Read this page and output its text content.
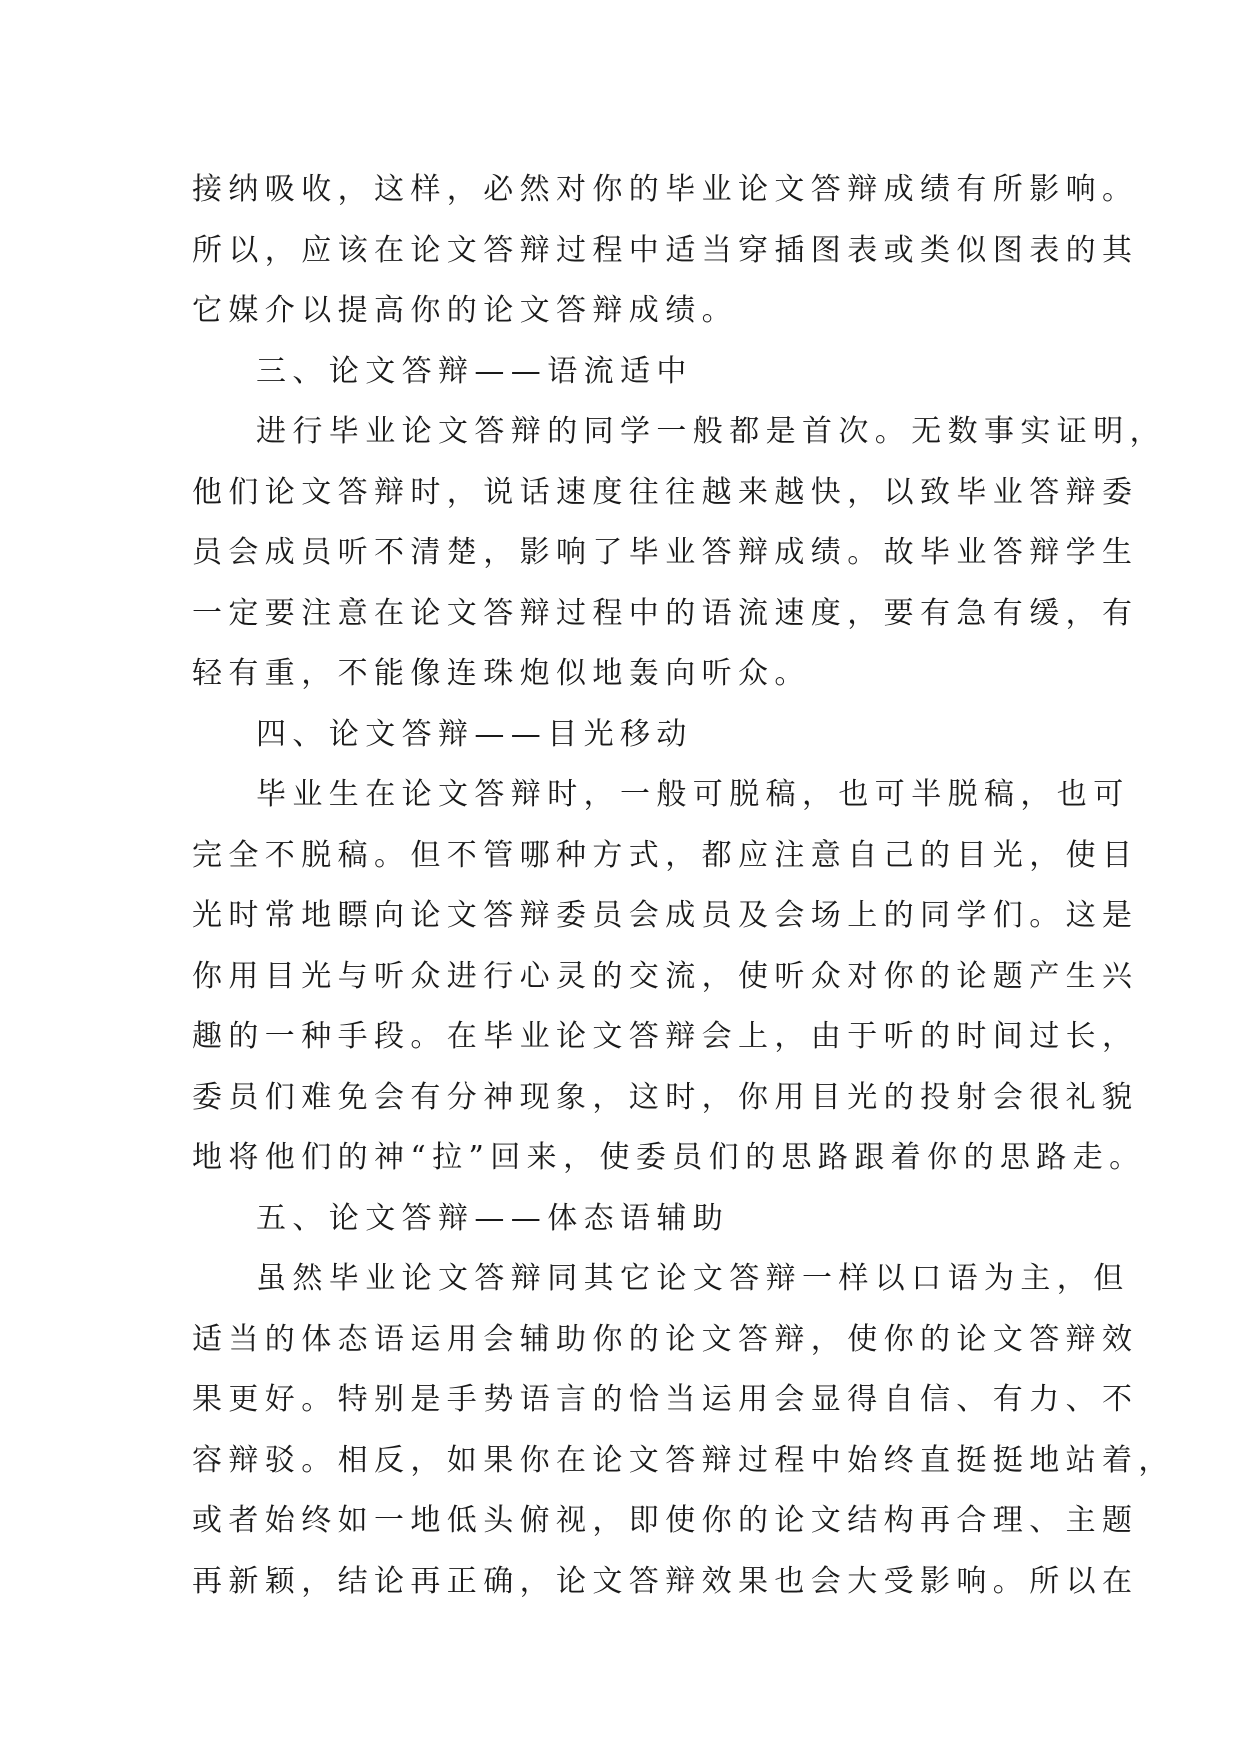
接纳吸收，这样，必然对你的毕业论文答辩成绩有所影响。
所以，应该在论文答辩过程中适当穿插图表或类似图表的其
它媒介以提高你的论文答辩成绩。
三、论文答辩——语流适中
进行毕业论文答辩的同学一般都是首次。无数事实证明，
他们论文答辩时，说话速度往往越来越快，以致毕业答辩委
员会成员听不清楚，影响了毕业答辩成绩。故毕业答辩学生
一定要注意在论文答辩过程中的语流速度，要有急有缓，有
轻有重，不能像连珠炮似地轰向听众。
四、论文答辩——目光移动
毕业生在论文答辩时，一般可脱稿，也可半脱稿，也可
完全不脱稿。但不管哪种方式，都应注意自己的目光，使目
光时常地瞟向论文答辩委员会成员及会场上的同学们。这是
你用目光与听众进行心灵的交流，使听众对你的论题产生兴
趣的一种手段。在毕业论文答辩会上，由于听的时间过长，
委员们难免会有分神现象，这时，你用目光的投射会很礼貌
地将他们的神“拉”回来，使委员们的思路跟着你的思路走。
五、论文答辩——体态语辅助
虽然毕业论文答辩同其它论文答辩一样以口语为主，但
适当的体态语运用会辅助你的论文答辩，使你的论文答辩效
果更好。特别是手势语言的恰当运用会显得自信、有力、不
容辩驳。相反，如果你在论文答辩过程中始终直挺挺地站着，
或者始终如一地低头俯视，即使你的论文结构再合理、主题
再新颖，结论再正确，论文答辩效果也会大受影响。所以在
